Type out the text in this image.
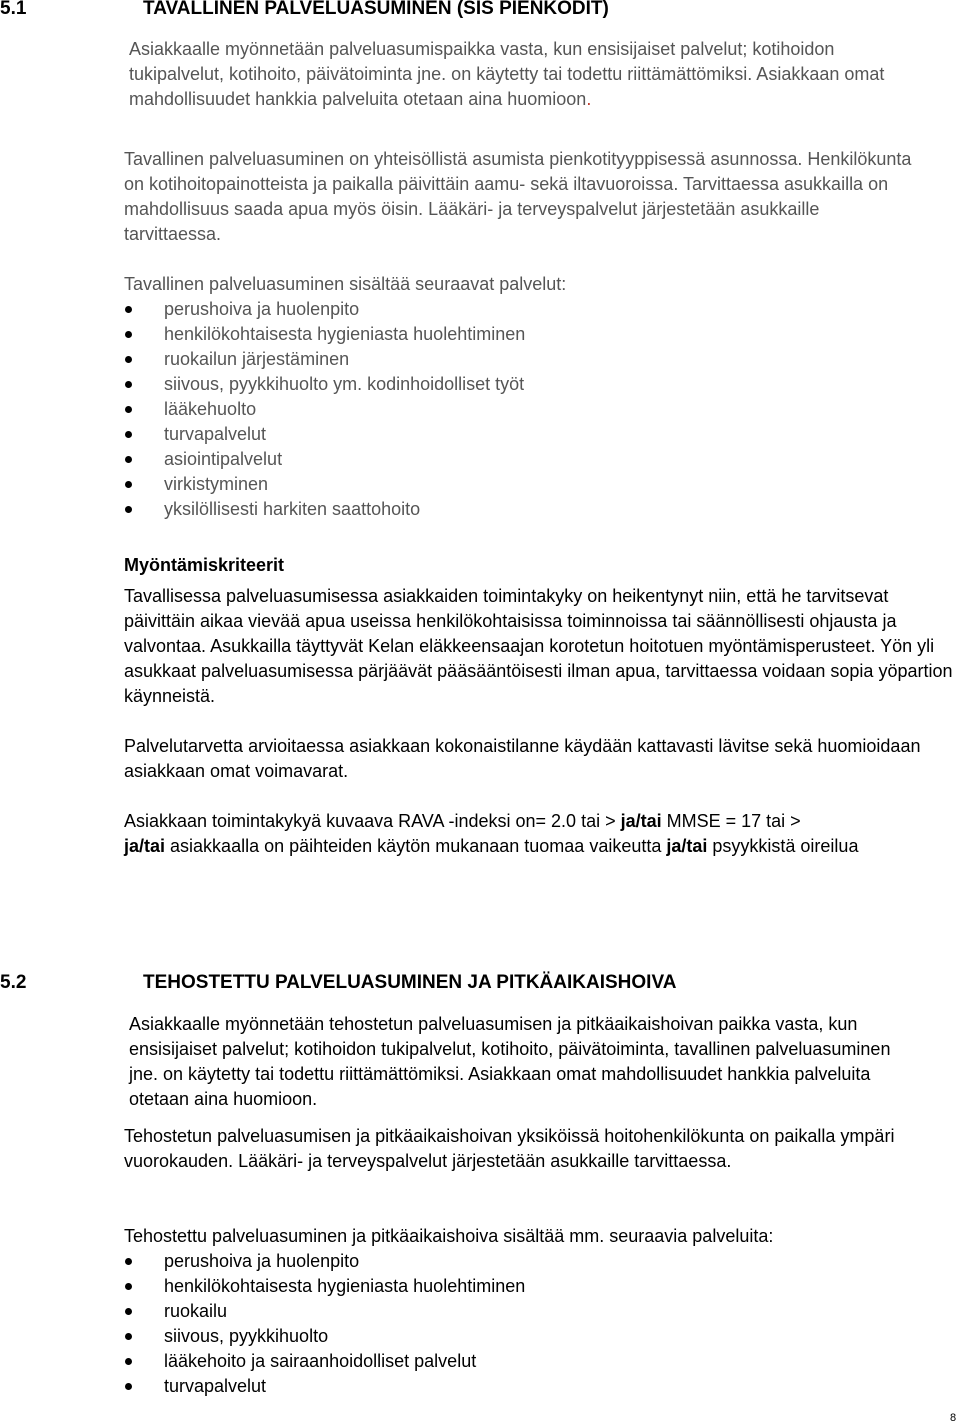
5.1	TAVALLINEN PALVELUASUMINEN (SIS PIENKODIT)
Asiakkaalle myönnetään palveluasumispaikka vasta, kun ensisijaiset palvelut; kotihoidon tukipalvelut, kotihoito, päivätoiminta jne. on käytetty tai todettu riittämättömiksi. Asiakkaan omat mahdollisuudet hankkia palveluita otetaan aina huomioon.
Tavallinen palveluasuminen on yhteisöllistä asumista pienkotityyppisessä asunnossa. Henkilökunta on kotihoitopainotteista ja paikalla päivittäin aamu- sekä iltavuoroissa. Tarvittaessa asukkailla on mahdollisuus saada apua myös öisin. Lääkäri- ja terveyspalvelut järjestetään asukkaille tarvittaessa.
Tavallinen palveluasuminen sisältää seuraavat palvelut:
perushoiva ja huolenpito
henkilökohtaisesta hygieniasta huolehtiminen
ruokailun järjestäminen
siivous, pyykkihuolto ym. kodinhoidolliset työt
lääkehuolto
turvapalvelut
asiointipalvelut
virkistyminen
yksilöllisesti harkiten saattohoito
Myöntämiskriteerit
Tavallisessa palveluasumisessa asiakkaiden toimintakyky on heikentynyt niin, että he tarvitsevat päivittäin aikaa vievää apua useissa henkilökohtaisissa toiminnoissa tai säännöllisesti ohjausta ja valvontaa. Asukkailla täyttyvät Kelan eläkkeensaajan korotetun hoitotuen myöntämisperusteet. Yön yli asukkaat palveluasumisessa pärjäävät pääsääntöisesti ilman apua, tarvittaessa voidaan sopia yöpartion käynneistä.
Palvelutarvetta arvioitaessa asiakkaan kokonaistilanne käydään kattavasti lävitse sekä huomioidaan asiakkaan omat voimavarat.
Asiakkaan toimintakykyä kuvaava RAVA -indeksi on= 2.0 tai > ja/tai MMSE = 17 tai >
ja/tai asiakkaalla on päihteiden käytön mukanaan tuomaa vaikeutta ja/tai psyykkistä oireilua
5.2	TEHOSTETTU PALVELUASUMINEN JA PITKÄAIKAISHOIVA
Asiakkaalle myönnetään tehostetun palveluasumisen ja pitkäaikaishoivan paikka vasta, kun ensisijaiset palvelut; kotihoidon tukipalvelut, kotihoito, päivätoiminta, tavallinen palveluasuminen jne. on käytetty tai todettu riittämättömiksi. Asiakkaan omat mahdollisuudet hankkia palveluita otetaan aina huomioon.
Tehostetun palveluasumisen ja pitkäaikaishoivan yksiköissä hoitohenkilökunta on paikalla ympäri vuorokauden. Lääkäri- ja terveyspalvelut järjestetään asukkaille tarvittaessa.
Tehostettu palveluasuminen ja pitkäaikaishoiva sisältää mm. seuraavia palveluita:
perushoiva ja huolenpito
henkilökohtaisesta hygieniasta huolehtiminen
ruokailu
siivous, pyykkihuolto
lääkehoito ja sairaanhoidolliset palvelut
turvapalvelut
8
